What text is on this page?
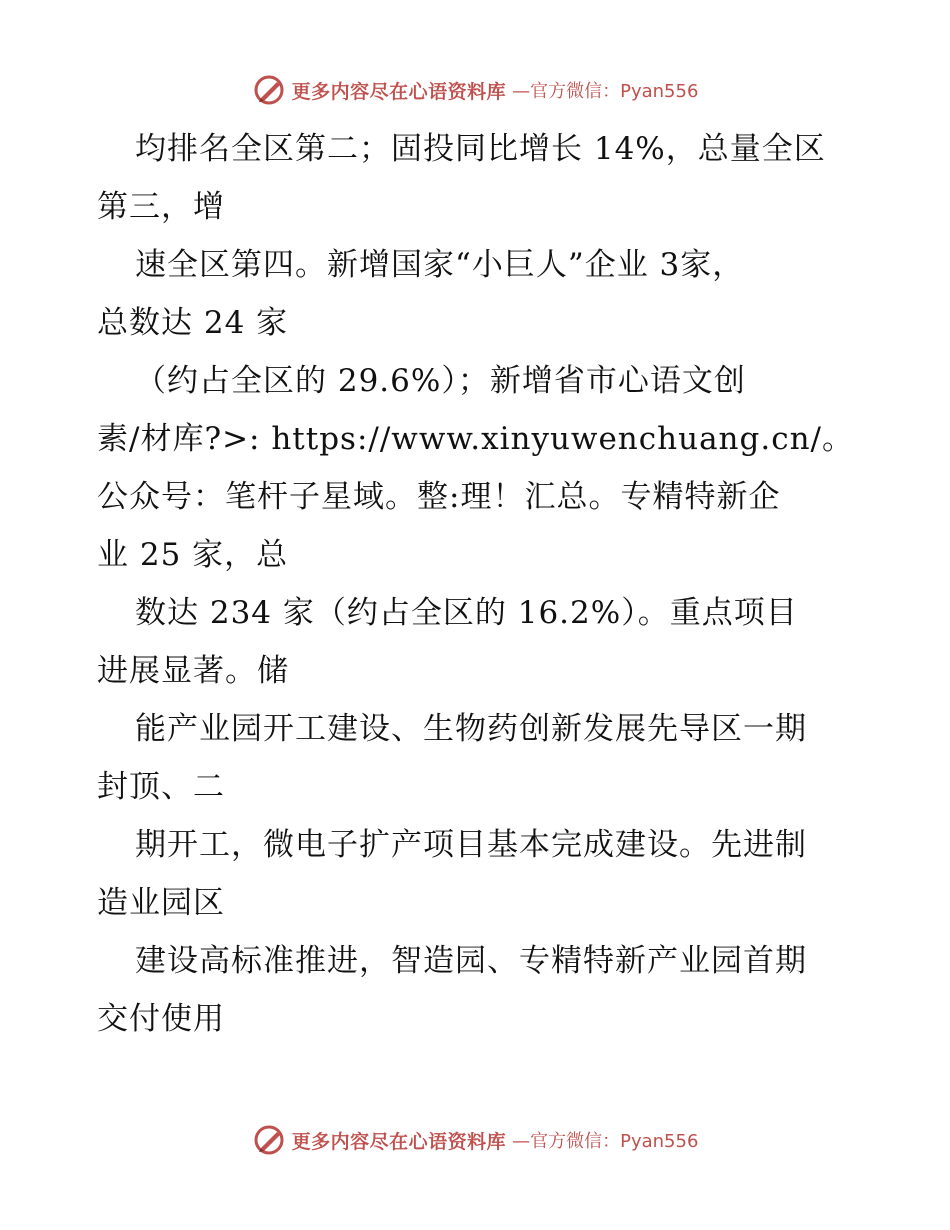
更多内容尽在心语资料库 —官方微信：Pyan556
均排名全区第二；固投同比增长 14%，总量全区
第三，增
速全区第四。新增国家“小巨人”企业 3家，
总数达 24 家
（约占全区的 29.6%）；新增省市心语文创
素/材库?>: https://www.xinyuwenchuang.cn/。
公众号：笔杆子星域。整:理！汇总。专精特新企
业 25 家，总
数达 234 家（约占全区的 16.2%）。重点项目
进展显著。储
能产业园开工建设、生物药创新发展先导区一期
封顶、二
期开工，微电子扩产项目基本完成建设。先进制
造业园区
建设高标准推进，智造园、专精特新产业园首期
交付使用
更多内容尽在心语资料库 —官方微信：Pyan556
